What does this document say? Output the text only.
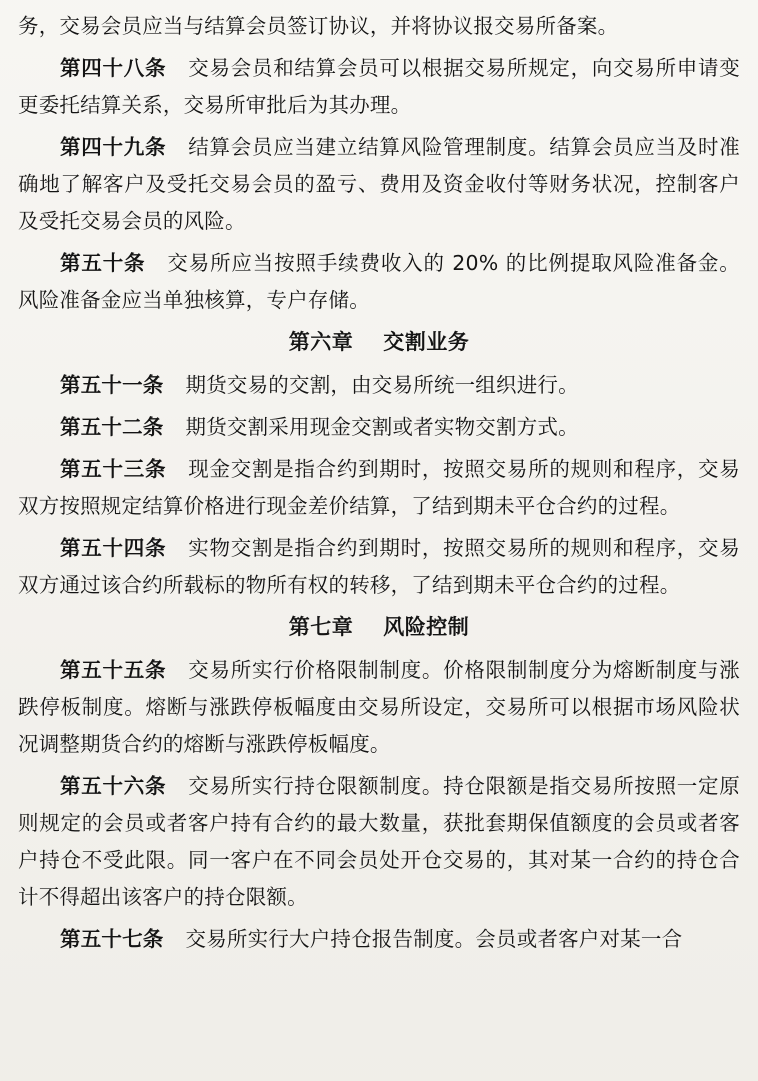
务，交易会员应当与结算会员签订协议，并将协议报交易所备案。

第四十八条 交易会员和结算会员可以根据交易所规定，向交易所申请变更委托结算关系，交易所审批后为其办理。

第四十九条 结算会员应当建立结算风险管理制度。结算会员应当及时准确地了解客户及受托交易会员的盈亏、费用及资金收付等财务状况，控制客户及受托交易会员的风险。

第五十条 交易所应当按照手续费收入的 20% 的比例提取风险准备金。风险准备金应当单独核算，专户存储。

第六章 交割业务

第五十一条 期货交易的交割，由交易所统一组织进行。

第五十二条 期货交割采用现金交割或者实物交割方式。

第五十三条 现金交割是指合约到期时，按照交易所的规则和程序，交易双方按照规定结算价格进行现金差价结算，了结到期未平仓合约的过程。

第五十四条 实物交割是指合约到期时，按照交易所的规则和程序，交易双方通过该合约所载标的物所有权的转移，了结到期未平仓合约的过程。

第七章 风险控制

第五十五条 交易所实行价格限制制度。价格限制制度分为熔断制度与涨跌停板制度。熔断与涨跌停板幅度由交易所设定，交易所可以根据市场风险状况调整期货合约的熔断与涨跌停板幅度。

第五十六条 交易所实行持仓限额制度。持仓限额是指交易所按照一定原则规定的会员或者客户持有合约的最大数量，获批套期保值额度的会员或者客户持仓不受此限。同一客户在不同会员处开仓交易的，其对某一合约的持仓合计不得超出该客户的持仓限额。

第五十七条 交易所实行大户持仓报告制度。会员或者客户对某一合
